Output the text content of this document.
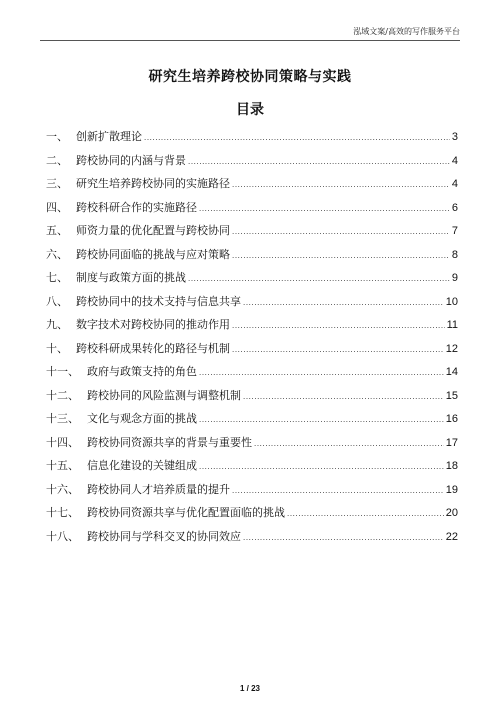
泓域文案/高效的写作服务平台
研究生培养跨校协同策略与实践
目录
一、 创新扩散理论 .....	3
二、 跨校协同的内涵与背景 .....	4
三、 研究生培养跨校协同的实施路径 .....	4
四、 跨校科研合作的实施路径 .....	6
五、 师资力量的优化配置与跨校协同 .....	7
六、 跨校协同面临的挑战与应对策略 .....	8
七、 制度与政策方面的挑战 .....	9
八、 跨校协同中的技术支持与信息共享 .....	10
九、 数字技术对跨校协同的推动作用 .....	11
十、 跨校科研成果转化的路径与机制 .....	12
十一、 政府与政策支持的角色 .....	14
十二、 跨校协同的风险监测与调整机制 .....	15
十三、 文化与观念方面的挑战 .....	16
十四、 跨校协同资源共享的背景与重要性 .....	17
十五、 信息化建设的关键组成 .....	18
十六、 跨校协同人才培养质量的提升 .....	19
十七、 跨校协同资源共享与优化配置面临的挑战 .....	20
十八、 跨校协同与学科交叉的协同效应 .....	22
1 / 23
